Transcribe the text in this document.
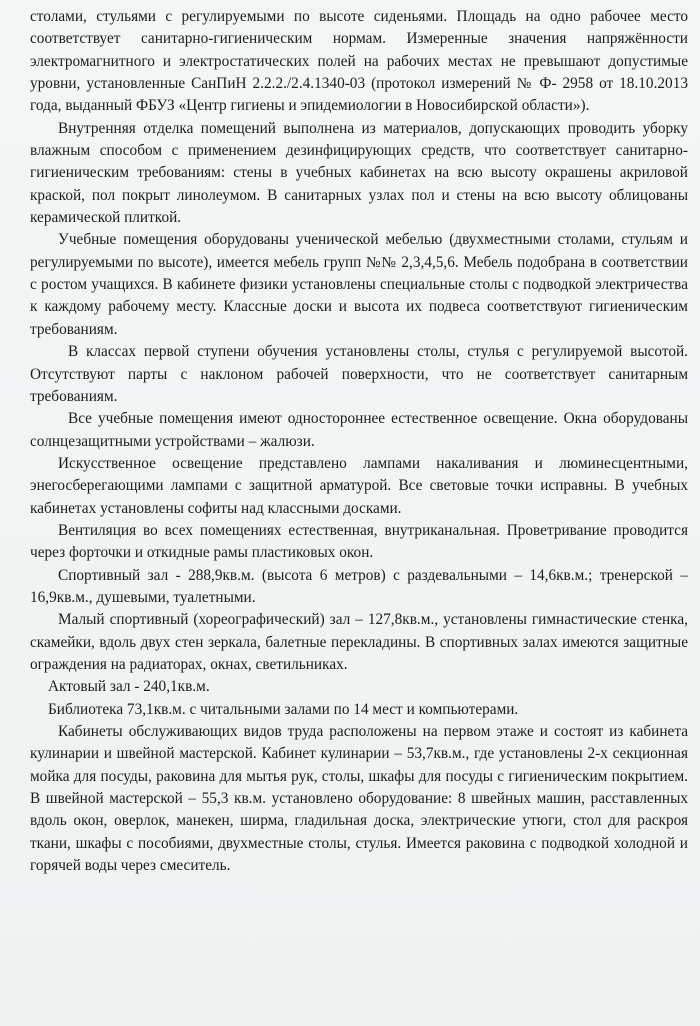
столами, стульями с регулируемыми по высоте сиденьями. Площадь на одно рабочее место соответствует санитарно-гигиеническим нормам. Измеренные значения напряжённости электромагнитного и электростатических полей на рабочих местах не превышают допустимые уровни, установленные СанПиН 2.2.2./2.4.1340-03 (протокол измерений № Ф- 2958 от 18.10.2013 года, выданный ФБУЗ «Центр гигиены и эпидемиологии в Новосибирской области»).

Внутренняя отделка помещений выполнена из материалов, допускающих проводить уборку влажным способом с применением дезинфицирующих средств, что соответствует санитарно-гигиеническим требованиям: стены в учебных кабинетах на всю высоту окрашены акриловой краской, пол покрыт линолеумом. В санитарных узлах пол и стены на всю высоту облицованы керамической плиткой.

Учебные помещения оборудованы ученической мебелью (двухместными столами, стульям и регулируемыми по высоте), имеется мебель групп №№ 2,3,4,5,6. Мебель подобрана в соответствии с ростом учащихся. В кабинете физики установлены специальные столы с подводкой электричества к каждому рабочему месту. Классные доски и высота их подвеса соответствуют гигиеническим требованиям.

В классах первой ступени обучения установлены столы, стулья с регулируемой высотой. Отсутствуют парты с наклоном рабочей поверхности, что не соответствует санитарным требованиям.

Все учебные помещения имеют одностороннее естественное освещение. Окна оборудованы солнцезащитными устройствами – жалюзи.

Искусственное освещение представлено лампами накаливания и люминесцентными, энегосберегающими лампами с защитной арматурой. Все световые точки исправны. В учебных кабинетах установлены софиты над классными досками.

Вентиляция во всех помещениях естественная, внутриканальная. Проветривание проводится через форточки и откидные рамы пластиковых окон.

Спортивный зал - 288,9кв.м. (высота 6 метров) с раздевальными – 14,6кв.м.; тренерской – 16,9кв.м., душевыми, туалетными.

Малый спортивный (хореографический) зал – 127,8кв.м., установлены гимнастические стенка, скамейки, вдоль двух стен зеркала, балетные перекладины. В спортивных залах имеются защитные ограждения на радиаторах, окнах, светильниках.

Актовый зал - 240,1кв.м.

Библиотека 73,1кв.м. с читальными залами по 14 мест и компьютерами.

Кабинеты обслуживающих видов труда расположены на первом этаже и состоят из кабинета кулинарии и швейной мастерской. Кабинет кулинарии – 53,7кв.м., где установлены 2-х секционная мойка для посуды, раковина для мытья рук, столы, шкафы для посуды с гигиеническим покрытием. В швейной мастерской – 55,3 кв.м. установлено оборудование: 8 швейных машин, расставленных вдоль окон, оверлок, манекен, ширма, гладильная доска, электрические утюги, стол для раскроя ткани, шкафы с пособиями, двухместные столы, стулья. Имеется раковина с подводкой холодной и горячей воды через смеситель.
